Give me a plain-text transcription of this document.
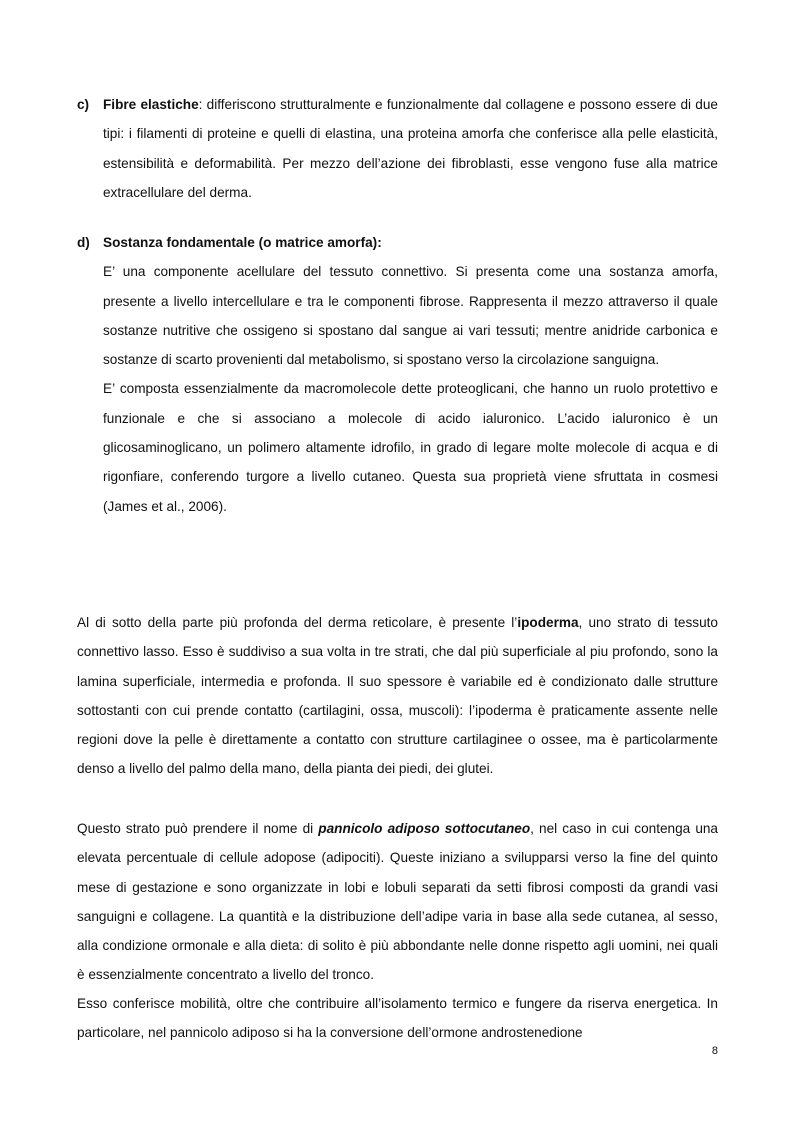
c)	Fibre elastiche: differiscono strutturalmente e funzionalmente dal collagene e possono essere di due tipi: i filamenti di proteine e quelli di elastina, una proteina amorfa che conferisce alla pelle elasticità, estensibilità e deformabilità. Per mezzo dell’azione dei fibroblasti, esse vengono fuse alla matrice extracellulare del derma.
d) Sostanza fondamentale (o matrice amorfa):
E’ una componente acellulare del tessuto connettivo. Si presenta come una sostanza amorfa, presente a livello intercellulare e tra le componenti fibrose. Rappresenta il mezzo attraverso il quale sostanze nutritive che ossigeno si spostano dal sangue ai vari tessuti; mentre anidride carbonica e sostanze di scarto provenienti dal metabolismo, si spostano verso la circolazione sanguigna.
E’ composta essenzialmente da macromolecole dette proteoglicani, che hanno un ruolo protettivo e funzionale e che si associano a molecole di acido ialuronico. L’acido ialuronico è un glicosaminoglicano, un polimero altamente idrofilo, in grado di legare molte molecole di acqua e di rigonfiare, conferendo turgore a livello cutaneo. Questa sua proprietà viene sfruttata in cosmesi (James et al., 2006).
Al di sotto della parte più profonda del derma reticolare, è presente l’ipoderma, uno strato di tessuto connettivo lasso. Esso è suddiviso a sua volta in tre strati, che dal più superficiale al piu profondo, sono la lamina superficiale, intermedia e profonda. Il suo spessore è variabile ed è condizionato dalle strutture sottostanti con cui prende contatto (cartilagini, ossa, muscoli): l’ipoderma è praticamente assente nelle regioni dove la pelle è direttamente a contatto con strutture cartilaginee o ossee, ma è particolarmente denso a livello del palmo della mano, della pianta dei piedi, dei glutei.
Questo strato può prendere il nome di pannicolo adiposo sottocutaneo, nel caso in cui contenga una elevata percentuale di cellule adopose (adipociti). Queste iniziano a svilupparsi verso la fine del quinto mese di gestazione e sono organizzate in lobi e lobuli separati da setti fibrosi composti da grandi vasi sanguigni e collagene. La quantità e la distribuzione dell’adipe varia in base alla sede cutanea, al sesso, alla condizione ormonale e alla dieta: di solito è più abbondante nelle donne rispetto agli uomini, nei quali è essenzialmente concentrato a livello del tronco.
Esso conferisce mobilità, oltre che contribuire all’isolamento termico e fungere da riserva energetica. In particolare, nel pannicolo adiposo si ha la conversione dell’ormone androstenedione
8
